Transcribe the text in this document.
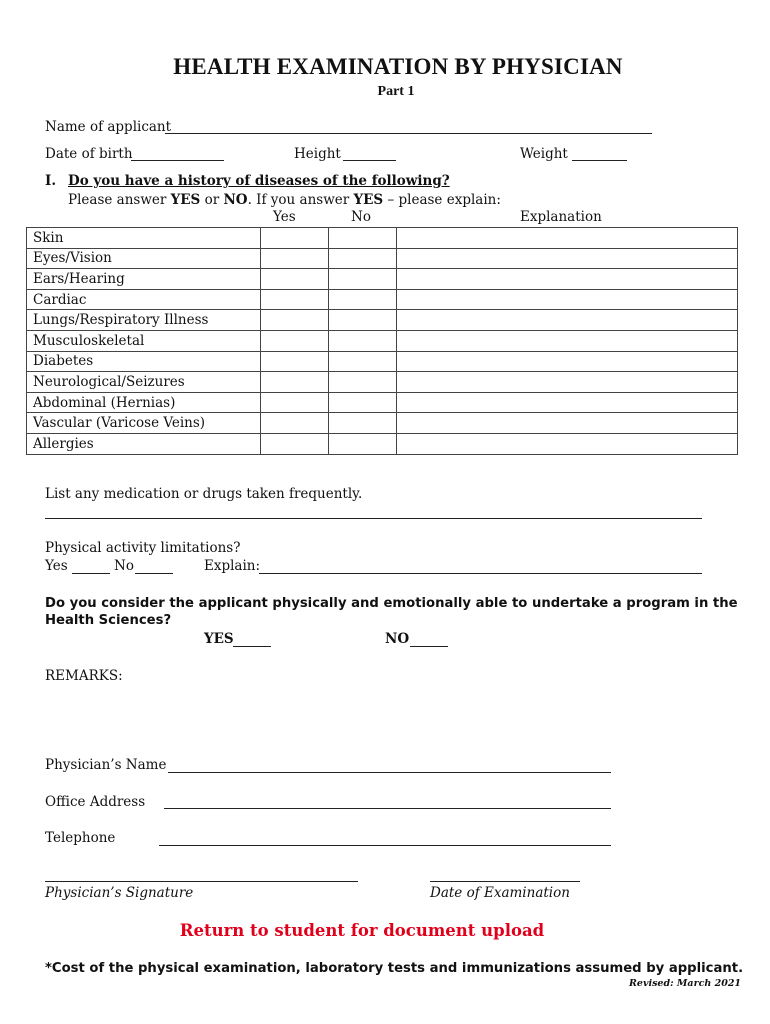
HEALTH EXAMINATION BY PHYSICIAN
Part 1
Name of applicant
Date of birth	Height	Weight
I. Do you have a history of diseases of the following?
Please answer YES or NO. If you answer YES – please explain:
Yes	No	Explanation
Skin			
Eyes/Vision			
Ears/Hearing			
Cardiac			
Lungs/Respiratory Illness			
Musculoskeletal			
Diabetes			
Neurological/Seizures			
Abdominal (Hernias)			
Vascular (Varicose Veins)			
Allergies			
List any medication or drugs taken frequently.
Physical activity limitations?
Yes	No	Explain:
Do you consider the applicant physically and emotionally able to undertake a program in the
Health Sciences?
YES	NO
REMARKS:
Physician’s Name
Office Address
Telephone
Physician’s Signature	Date of Examination
Return to student for document upload
*Cost of the physical examination, laboratory tests and immunizations assumed by applicant.
Revised: March 2021
